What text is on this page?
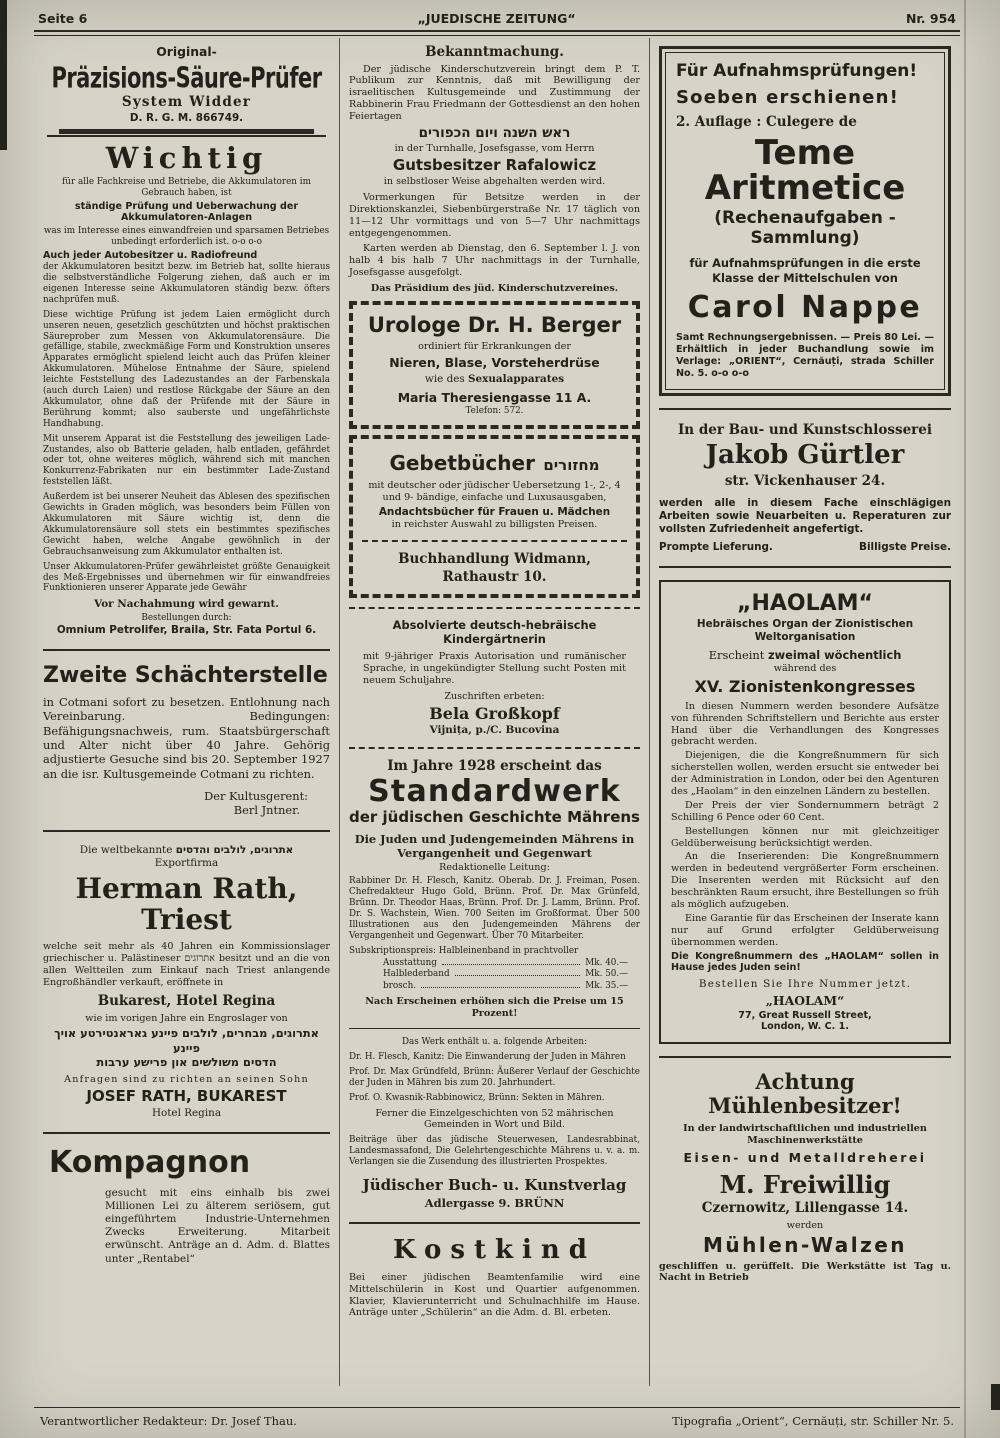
Seite 6	„JUEDISCHE ZEITUNG“	Nr. 954

Original-

Präzisions-Säure-Prüfer

System Widder

D. R. G. M. 866749.

Wichtig

für alle Fachkreise und Betriebe, die Akkumulatoren im Gebrauch haben, ist

ständige Prüfung und Ueberwachung der Akkumulatoren-Anlagen

was im Interesse eines einwandfreien und sparsamen Betriebes unbedingt erforderlich ist. o-o o-o

Auch jeder Autobesitzer u. Radiofreund

der Akkumulatoren besitzt bezw. im Betrieb hat, sollte hieraus die selbstverständliche Folgerung ziehen, daß auch er im eigenen Interesse seine Akkumulatoren ständig bezw. öfters nachprüfen muß.

Diese wichtige Prüfung ist jedem Laien ermöglicht durch unseren neuen, gesetzlich geschützten und höchst praktischen Säureprober zum Messen von Akkumulatorensäure. Die gefällige, stabile, zweckmäßige Form und Konstruktion unseres Apparates ermöglicht spielend leicht auch das Prüfen kleiner Akkumulatoren. Mühelose Entnahme der Säure, spielend leichte Feststellung des Ladezustandes an der Farbenskala (auch durch Laien) und restlose Rückgabe der Säure an den Akkumulator, ohne daß der Prüfende mit der Säure in Berührung kommt; also sauberste und ungefährlichste Handhabung.

Mit unserem Apparat ist die Feststellung des jeweiligen Lade-Zustandes, also ob Batterie geladen, halb entladen, gefährdet oder tot, ohne weiteres möglich, während sich mit manchen Konkurrenz-Fabrikaten nur ein bestimmter Lade-Zustand feststellen läßt.

Außerdem ist bei unserer Neuheit das Ablesen des spezifischen Gewichts in Graden möglich, was besonders beim Füllen von Akkumulatoren mit Säure wichtig ist, denn die Akkumulatorensäure soll stets ein bestimmtes spezifisches Gewicht haben, welche Angabe gewöhnlich in der Gebrauchsanweisung zum Akkumulator enthalten ist.

Unser Akkumulatoren-Prüfer gewährleistet größte Genauigkeit des Meß-Ergebnisses und übernehmen wir für einwandfreies Funktionieren unserer Apparate jede Gewähr

Vor Nachahmung wird gewarnt.

Bestellungen durch:

Omnium Petrolifer, Braila, Str. Fata Portul 6.

Zweite Schächterstelle

in Cotmani sofort zu besetzen. Entlohnung nach Vereinbarung. Bedingungen: Befähigungsnachweis, rum. Staatsbürgerschaft und Alter nicht über 40 Jahre. Gehörig adjustierte Gesuche sind bis 20. September 1927 an die isr. Kultusgemeinde Cotmani zu richten.

Der Kultusgerent:

Berl Jntner.

Die weltbekannte אתרוגים, לולבים והדסים

Exportfirma

Herman Rath, Triest

welche seit mehr als 40 Jahren ein Kommissionslager griechischer u. Palästineser אתרוגים besitzt und an die von allen Weltteilen zum Einkauf nach Triest anlangende Engroßhändler verkauft, eröffnete in

Bukarest, Hotel Regina

wie im vorigen Jahre ein Engroslager von

אתרוגים, מבחרים, לולבים פיינע גאראנטירטע אויך פיינע

הדסים משולשים און פרישע ערבות

Anfragen sind zu richten an seinen Sohn

JOSEF RATH, BUKAREST

Hotel Regina

Kompagnon

gesucht mit eins einhalb bis zwei Millionen Lei zu älterem seriösem, gut eingeführtem Industrie-Unternehmen Zwecks Erweiterung. Mitarbeit erwünscht. Anträge an d. Adm. d. Blattes unter „Rentabel“

Bekanntmachung.

Der jüdische Kinderschutzverein bringt dem P. T. Publikum zur Kenntnis, daß mit Bewilligung der israelitischen Kultusgemeinde und Zustimmung der Rabbinerin Frau Friedmann der Gottesdienst an den hohen Feiertagen

ראש השנה ויום הכפורים

in der Turnhalle, Josefsgasse, vom Herrn

Gutsbesitzer Rafalowicz

in selbstloser Weise abgehalten werden wird.

Vormerkungen für Betsitze werden in der Direktionskanzlei, Siebenbürgerstraße Nr. 17 täglich von 11—12 Uhr vormittags und von 5—7 Uhr nachmittags entgegengenommen.

Karten werden ab Dienstag, den 6. September l. J. von halb 4 bis halb 7 Uhr nachmittags in der Turnhalle, Josefsgasse ausgefolgt.

Das Präsidium des jüd. Kinderschutzvereines.

Urologe Dr. H. Berger

ordiniert für Erkrankungen der

Nieren, Blase, Vorsteherdrüse

wie des Sexualapparates

Maria Theresiengasse 11 A.

Telefon: 572.

Gebetbücher מחזורים

mit deutscher oder jüdischer Uebersetzung 1-, 2-, 4 und 9- bändige, einfache und Luxusausgaben,

Andachtsbücher für Frauen u. Mädchen

in reichster Auswahl zu billigsten Preisen.

Buchhandlung Widmann, Rathaustr 10.
Absolvierte deutsch-hebräische Kindergärtnerin

mit 9-jähriger Praxis Autorisation und rumänischer Sprache, in ungekündigter Stellung sucht Posten mit neuem Schuljahre.

Zuschriften erbeten:

Bela Großkopf

Vijnița, p./C. Bucovina

Im Jahre 1928 erscheint das
Standardwerk
der jüdischen Geschichte Mährens

Die Juden und Judengemeinden Mährens in Vergangenheit und Gegenwart

Redaktionelle Leitung:

Rabbiner Dr. H. Flesch, Kanitz. Oberab. Dr. J. Freiman, Posen. Chefredakteur Hugo Gold, Brünn. Prof. Dr. Max Grünfeld, Brünn. Dr. Theodor Haas, Brünn. Prof. Dr. J. Lamm, Brünn. Prof. Dr. S. Wachstein, Wien. 700 Seiten im Großformat. Über 500 Illustrationen aus den Judengemeinden Mährens der Vergangenheit und Gegenwart. Über 70 Mitarbeiter.

Subskriptionspreis: Halbleinenband in prachtvoller

Ausstattung	Mk. 40.—
Halblederband	Mk. 50.—
brosch.	Mk. 35.—

Nach Erscheinen erhöhen sich die Preise um 15 Prozent!

Das Werk enthält u. a. folgende Arbeiten:

Dr. H. Flesch, Kanitz: Die Einwanderung der Juden in Mähren

Prof. Dr. Max Gründfeld, Brünn: Äußerer Verlauf der Geschichte der Juden in Mähren bis zum 20. Jahrhundert.

Prof. O. Kwasnik-Rabbinowicz, Brünn: Sekten in Mähren.

Ferner die Einzelgeschichten von 52 mährischen Gemeinden in Wort und Bild.

Beiträge über das jüdische Steuerwesen, Landesrabbinat, Landesmassafond, Die Gelehrtengeschichte Mährens u. v. a. m. Verlangen sie die Zusendung des illustrierten Prospektes.

Jüdischer Buch- u. Kunstverlag

Adlergasse 9. BRÜNN

Kostkind

Bei einer jüdischen Beamtenfamilie wird eine Mittelschülerin in Kost und Quartier aufgenommen. Klavier, Klavierunterricht und Schulnachhilfe im Hause. Anträge unter „Schülerin“ an die Adm. d. Bl. erbeten.

Für Aufnahmsprüfungen!
Soeben erschienen!

2. Auflage : Culegere de

Teme Aritmetice
(Rechenaufgaben - Sammlung)

für Aufnahmsprüfungen in die erste Klasse der Mittelschulen von

Carol Nappe

Samt Rechnungsergebnissen. — Preis 80 Lei. — Erhältlich in jeder Buchandlung sowie im Verlage: „ORIENT“, Cernăuți, strada Schiller No. 5. o-o o-o

In der Bau- und Kunstschlosserei
Jakob Gürtler

str. Vickenhauser 24.

werden alle in diesem Fache einschlägigen Arbeiten sowie Neuarbeiten u. Reperaturen zur vollsten Zufriedenheit angefertigt.

Prompte Lieferung.	Billigste Preise.
„HAOLAM“

Hebräisches Organ der Zionistischen Weltorganisation

Erscheint zweimal wöchentlich

während des

XV. Zionistenkongresses

In diesen Nummern werden besondere Aufsätze von führenden Schriftstellern und Berichte aus erster Hand über die Verhandlungen des Kongresses gebracht werden.

Diejenigen, die die Kongreßnummern für sich sicherstellen wollen, werden ersucht sie entweder bei der Administration in London, oder bei den Agenturen des „Haolam“ in den einzelnen Ländern zu bestellen.

Der Preis der vier Sondernummern beträgt 2 Schilling 6 Pence oder 60 Cent.

Bestellungen können nur mit gleichzeitiger Geldüberweisung berücksichtigt werden.

An die Inserierenden: Die Kongreßnummern werden in bedeutend vergrößerter Form erscheinen. Die Inserenten werden mit Rücksicht auf den beschränkten Raum ersucht, ihre Bestellungen so früh als möglich aufzugeben.

Eine Garantie für das Erscheinen der Inserate kann nur auf Grund erfolgter Geldüberweisung übernommen werden.

Die Kongreßnummern des „HAOLAM“ sollen in Hause jedes Juden sein!

Bestellen Sie Ihre Nummer jetzt.

„HAOLAM“

77, Great Russell Street,

London, W. C. 1.

Achtung Mühlenbesitzer!

In der landwirtschaftlichen und industriellen Maschinenwerkstätte

Eisen- und Metalldreherei

M. Freiwillig

Czernowitz, Lillengasse 14.

werden

Mühlen-Walzen

geschliffen u. gerüffelt. Die Werkstätte ist Tag u. Nacht in Betrieb

Verantwortlicher Redakteur: Dr. Josef Thau.	Tipografia „Orient“, Cernăuți, str. Schiller Nr. 5.
